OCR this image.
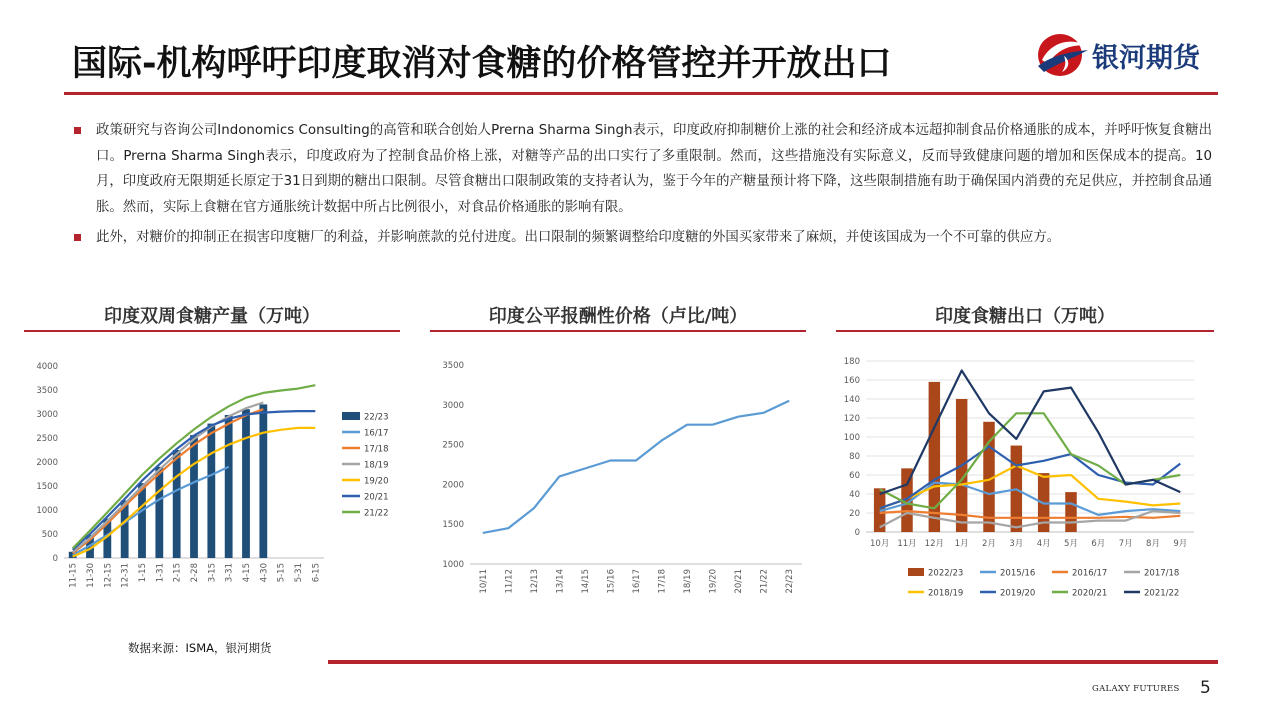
国际-机构呼吁印度取消对食糖的价格管控并开放出口	银河期货
政策研究与咨询公司Indonomics Consulting的高管和联合创始人Prerna Sharma Singh表示，印度政府抑制糖价上涨的社会和经济成本远超抑制食品价格通胀的成本，并呼吁恢复食糖出口。Prerna Sharma Singh表示，印度政府为了控制食品价格上涨，对糖等产品的出口实行了多重限制。然而，这些措施没有实际意义，反而导致健康问题的增加和医保成本的提高。10月，印度政府无限期延长原定于31日到期的糖出口限制。尽管食糖出口限制政策的支持者认为，鉴于今年的产糖量预计将下降，这些限制措施有助于确保国内消费的充足供应，并控制食品通胀。然而，实际上食糖在官方通胀统计数据中所占比例很小，对食品价格通胀的影响有限。
此外，对糖价的抑制正在损害印度糖厂的利益，并影响蔗款的兑付进度。出口限制的频繁调整给印度糖的外国买家带来了麻烦，并使该国成为一个不可靠的供应方。
印度双周食糖产量（万吨）	印度公平报酬性价格（卢比/吨）	印度食糖出口（万吨）
0
500
1000
1500
2000
2500
3000
3500
4000
11-15 11-30 12-15 12-31 1-15 1-31 2-15 2-28 3-15 3-31 4-15 4-30 5-15 5-31 6-15
22/23
16/17
17/18
18/19
19/20
20/21
21/22
1000
1500
2000
2500
3000
3500
10/11 11/12 12/13 13/14 14/15 15/16 16/17 17/18 18/19 19/20 20/21 21/22 22/23
0
20
40
60
80
100
120
140
160
180
10月 11月 12月 1月 2月 3月 4月 5月 6月 7月 8月 9月
2022/23	2015/16	2016/17	2017/18
2018/19	2019/20	2020/21	2021/22
数据来源：ISMA，银河期货
GALAXY FUTURES 5
